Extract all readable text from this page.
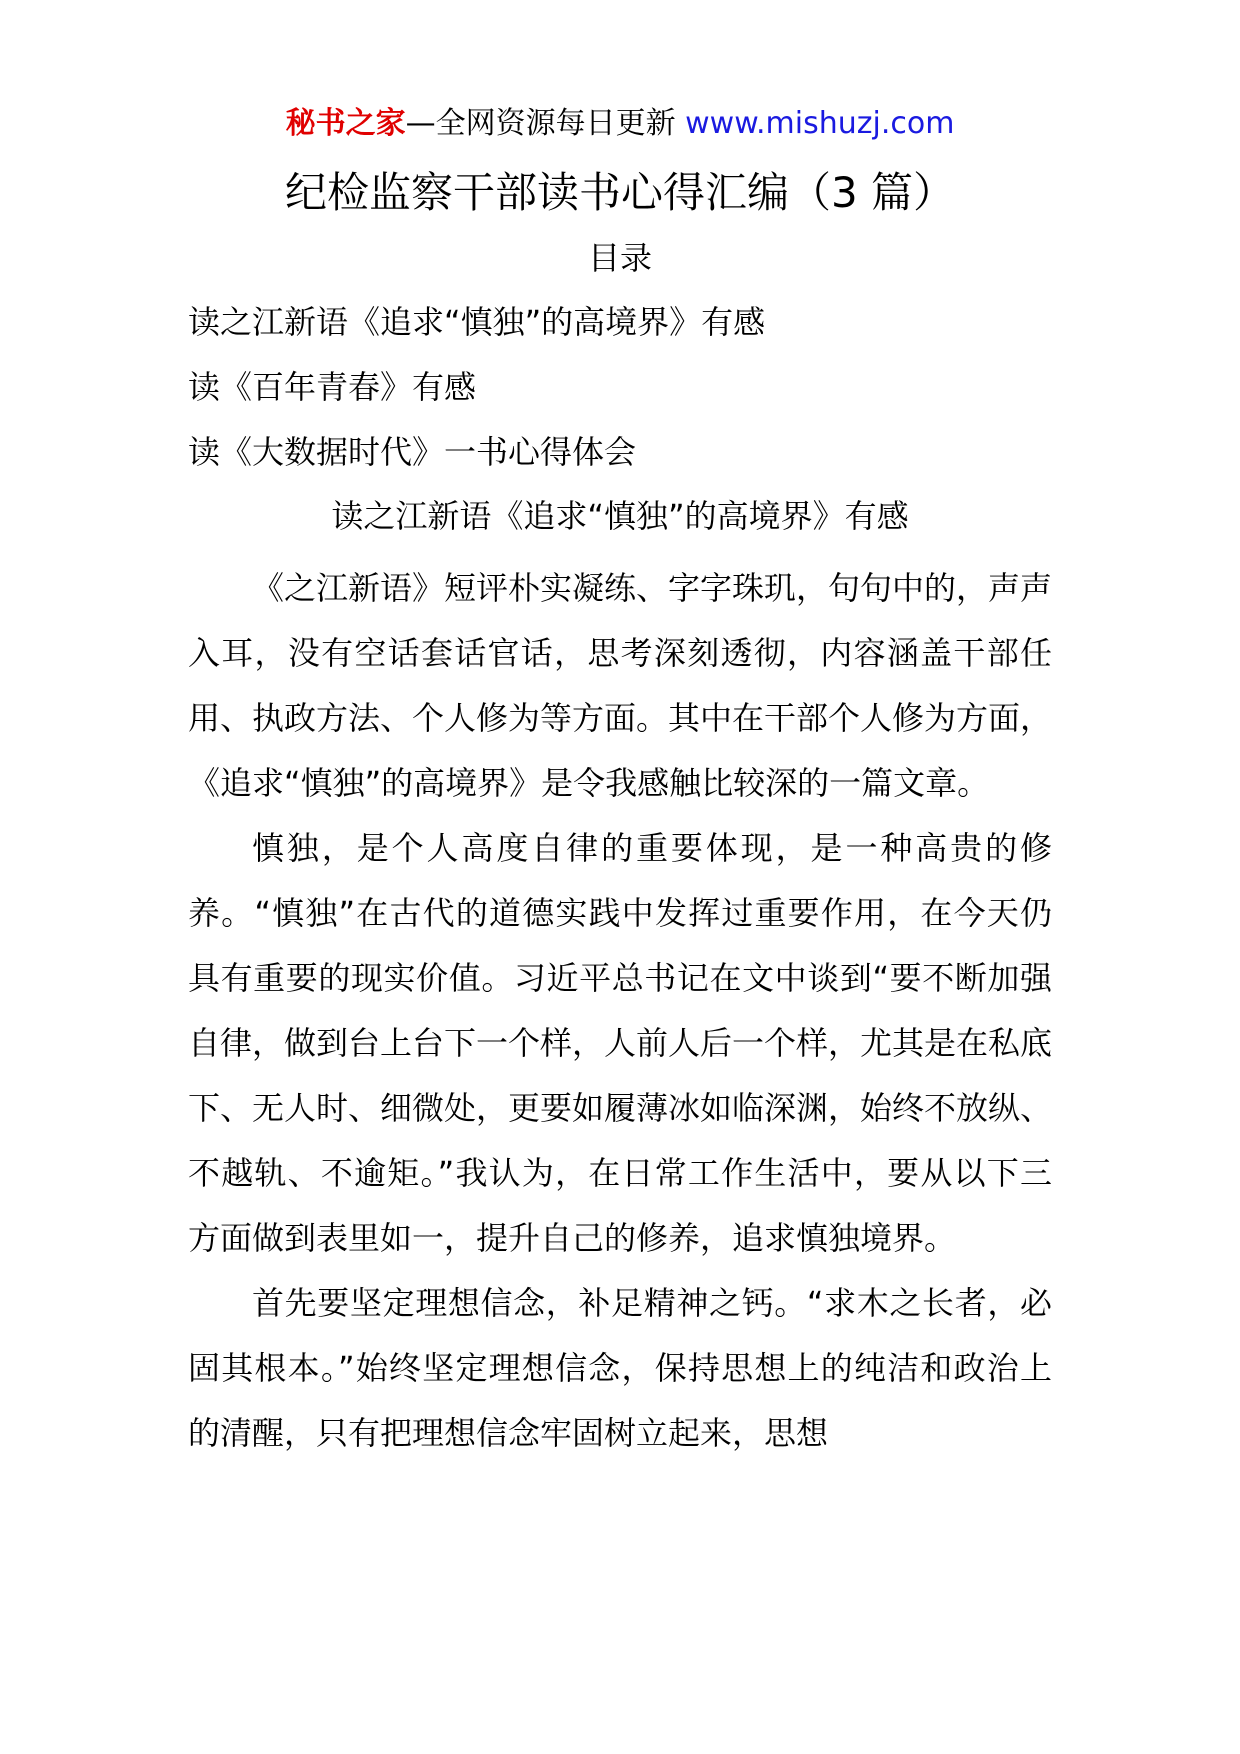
秘书之家—全网资源每日更新 www.mishuzj.com
纪检监察干部读书心得汇编（3 篇）
目录
读之江新语《追求“慎独”的高境界》有感
读《百年青春》有感
读《大数据时代》一书心得体会
读之江新语《追求“慎独”的高境界》有感

《之江新语》短评朴实凝练、字字珠玑，句句中的，声声入耳，没有空话套话官话，思考深刻透彻，内容涵盖干部任用、执政方法、个人修为等方面。其中在干部个人修为方面，《追求“慎独”的高境界》是令我感触比较深的一篇文章。

慎独，是个人高度自律的重要体现，是一种高贵的修养。“慎独”在古代的道德实践中发挥过重要作用，在今天仍具有重要的现实价值。习近平总书记在文中谈到“要不断加强自律，做到台上台下一个样，人前人后一个样，尤其是在私底下、无人时、细微处，更要如履薄冰如临深渊，始终不放纵、不越轨、不逾矩。”我认为，在日常工作生活中，要从以下三方面做到表里如一，提升自己的修养，追求慎独境界。

首先要坚定理想信念，补足精神之钙。“求木之长者，必固其根本。”始终坚定理想信念，保持思想上的纯洁和政治上的清醒，只有把理想信念牢固树立起来，思想
